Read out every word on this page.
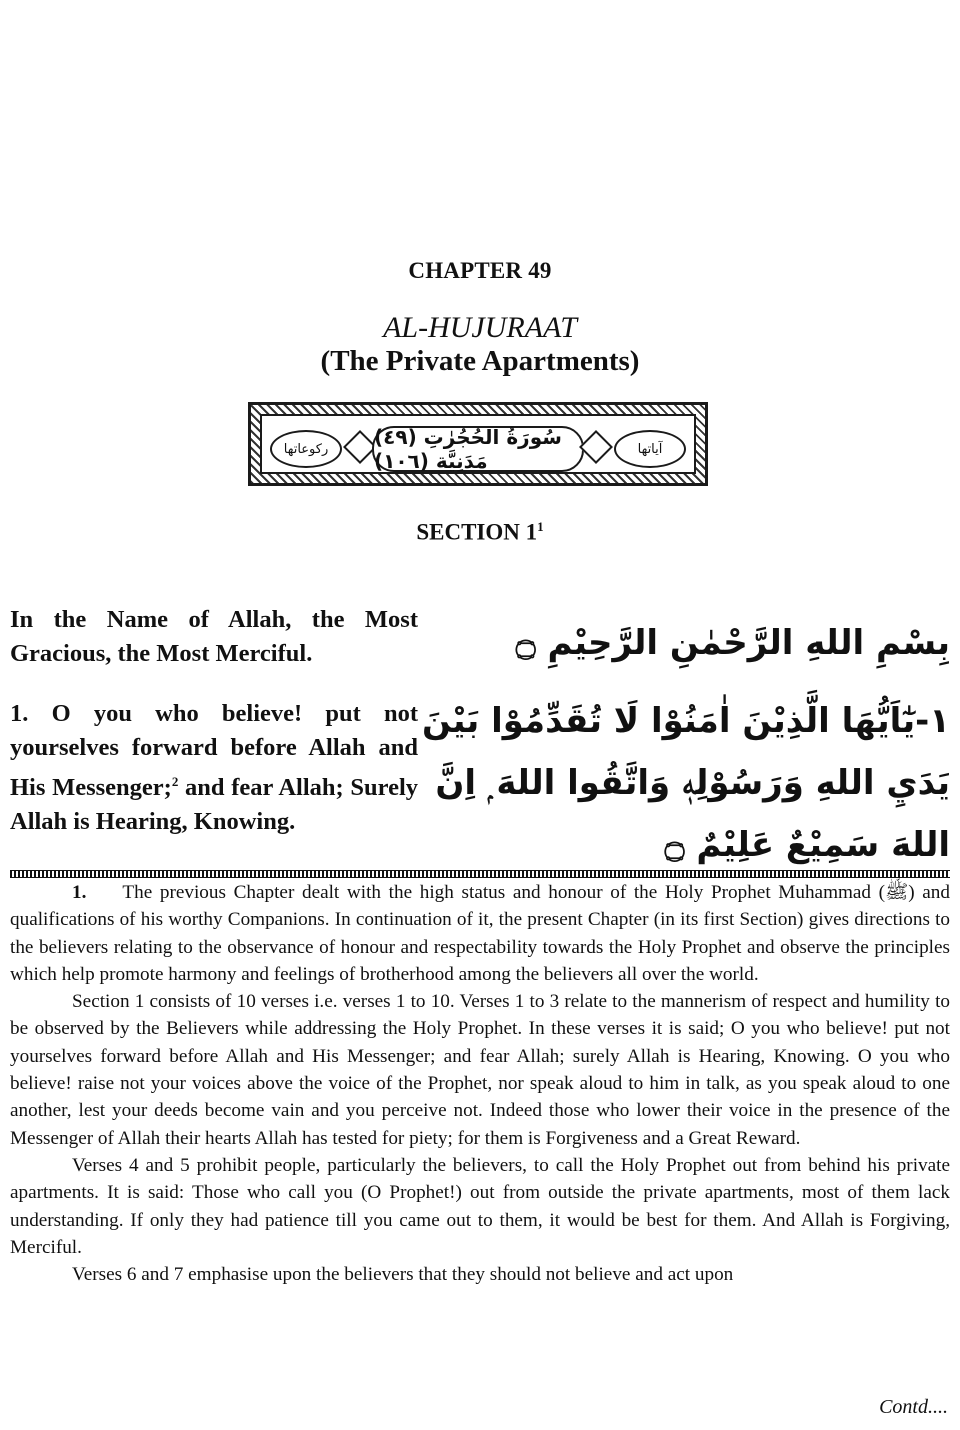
CHAPTER 49
AL-HUJURAAT
(The Private Apartments)
ركوعاتها	(٤٩) سُورَةُ الحُجُرٰتِ مَدَنِيَّة (١٠٦)	آياتها
SECTION $1^1$
In the Name of Allah, the Most Gracious, the Most Merciful.	بِسْمِ اللهِ الرَّحْمٰنِ الرَّحِيْمِ ۝
1. O you who believe! put not yourselves forward before Allah and His Messenger;$^2$ and fear Allah; Surely Allah is Hearing, Knowing.
١-يٰٓاَيُّهَا الَّذِيْنَ اٰمَنُوْا لَا تُقَدِّمُوْا بَيْنَ يَدَيِ اللهِ وَرَسُوْلِهٖ وَاتَّقُوا اللهَ ۭ اِنَّ اللهَ سَمِيْعٌ عَلِيْمٌ ۝

1. The previous Chapter dealt with the high status and honour of the Holy Prophet Muhammad (ﷺ) and qualifications of his worthy Companions. In continuation of it, the present Chapter (in its first Section) gives directions to the believers relating to the observance of honour and respectability towards the Holy Prophet and observe the principles which help promote harmony and feelings of brotherhood among the believers all over the world.

Section 1 consists of 10 verses i.e. verses 1 to 10. Verses 1 to 3 relate to the mannerism of respect and humility to be observed by the Believers while addressing the Holy Prophet. In these verses it is said; O you who believe! put not yourselves forward before Allah and His Messenger; and fear Allah; surely Allah is Hearing, Knowing. O you who believe! raise not your voices above the voice of the Prophet, nor speak aloud to him in talk, as you speak aloud to one another, lest your deeds become vain and you perceive not. Indeed those who lower their voice in the presence of the Messenger of Allah their hearts Allah has tested for piety; for them is Forgiveness and a Great Reward.

Verses 4 and 5 prohibit people, particularly the believers, to call the Holy Prophet out from behind his private apartments. It is said: Those who call you (O Prophet!) out from outside the private apartments, most of them lack understanding. If only they had patience till you came out to them, it would be best for them. And Allah is Forgiving, Merciful.

Verses 6 and 7 emphasise upon the believers that they should not believe and act upon

Contd....
